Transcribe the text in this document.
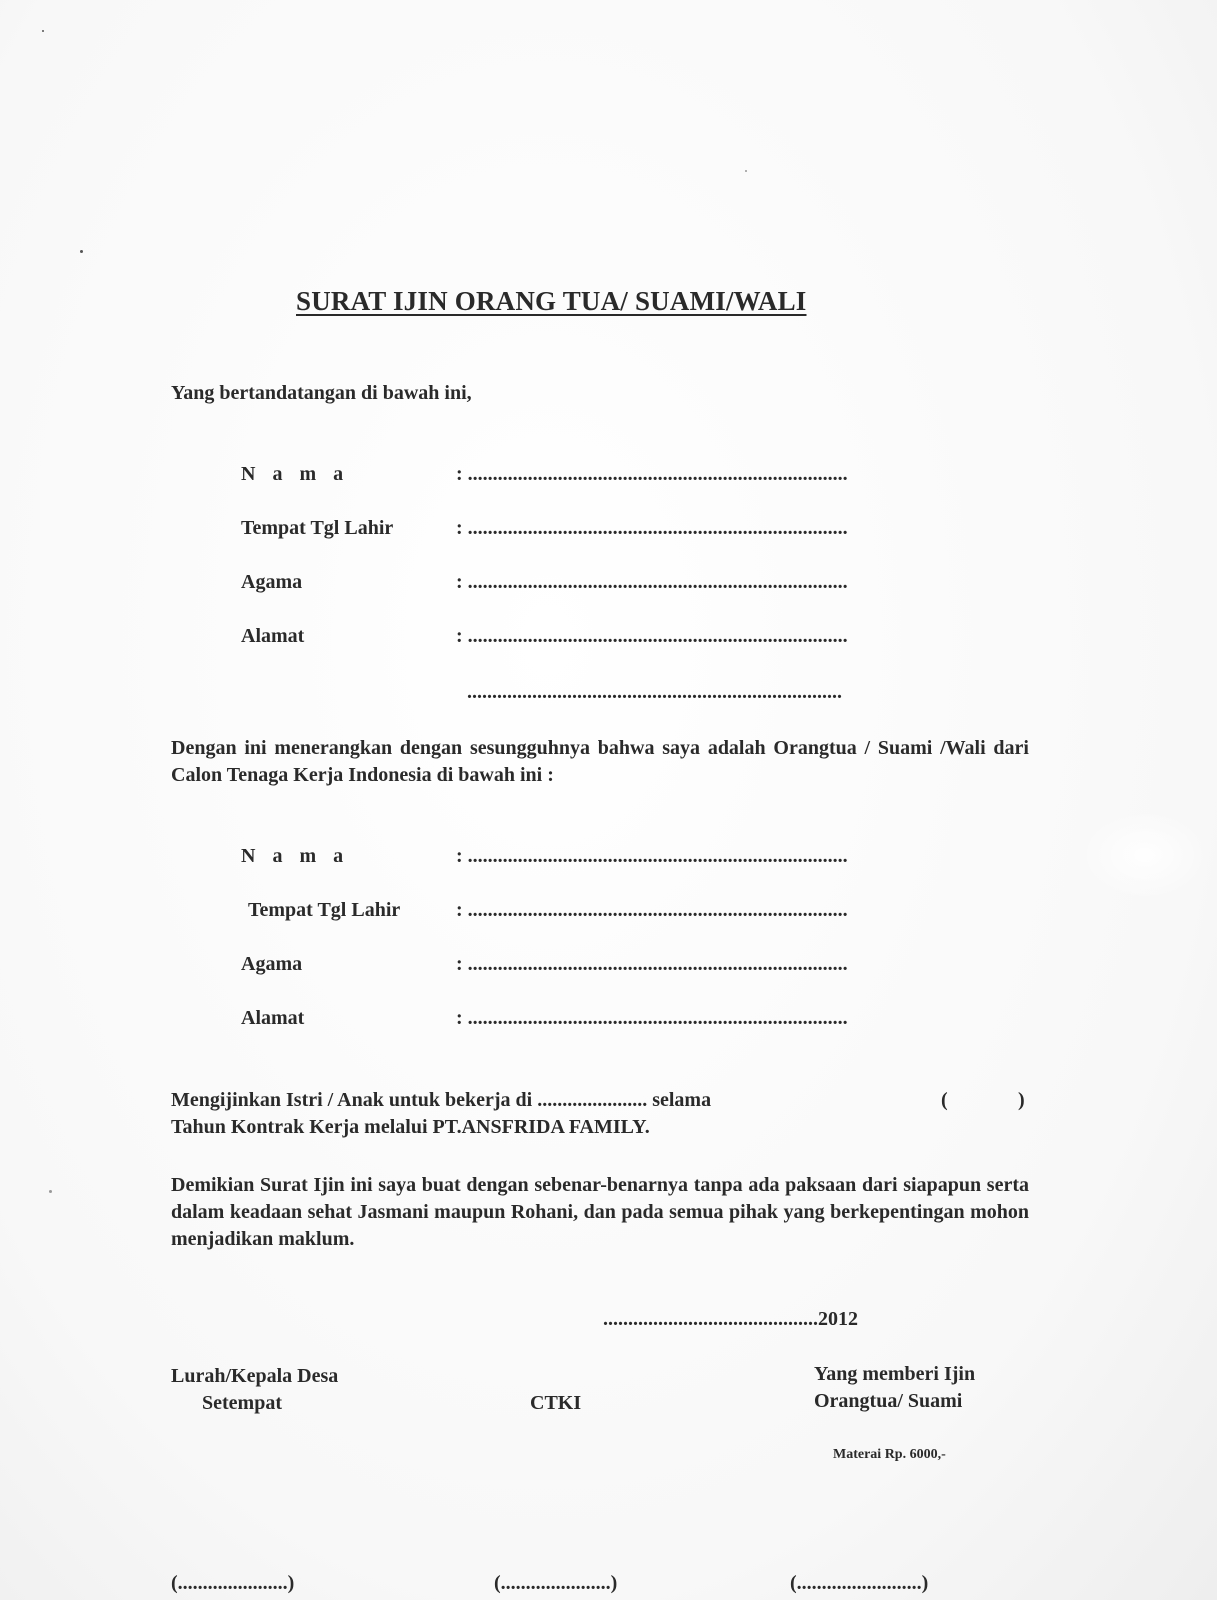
SURAT IJIN ORANG TUA/ SUAMI/WALI
Yang bertandatangan di bawah ini,
N a m a	: ............................................................................
Tempat Tgl Lahir	: ............................................................................
Agama	: ............................................................................
Alamat	: ............................................................................
...........................................................................
Dengan ini menerangkan dengan sesungguhnya bahwa saya adalah Orangtua / Suami /Wali dari Calon Tenaga Kerja Indonesia di bawah ini :
N a m a	: ............................................................................
Tempat Tgl Lahir	: ............................................................................
Agama	: ............................................................................
Alamat	: ............................................................................
Mengijinkan Istri / Anak untuk bekerja di ...................... selama	(	)
Tahun Kontrak Kerja melalui PT.ANSFRIDA FAMILY.
Demikian Surat Ijin ini saya buat dengan sebenar-benarnya tanpa ada paksaan dari siapapun serta dalam keadaan sehat Jasmani maupun Rohani, dan pada semua pihak yang berkepentingan mohon menjadikan maklum.
...........................................2012
Lurah/Kepala Desa
Setempat	CTKI
Yang memberi Ijin
Orangtua/ Suami
Materai Rp. 6000,-
(......................)	(......................)	(.........................)
